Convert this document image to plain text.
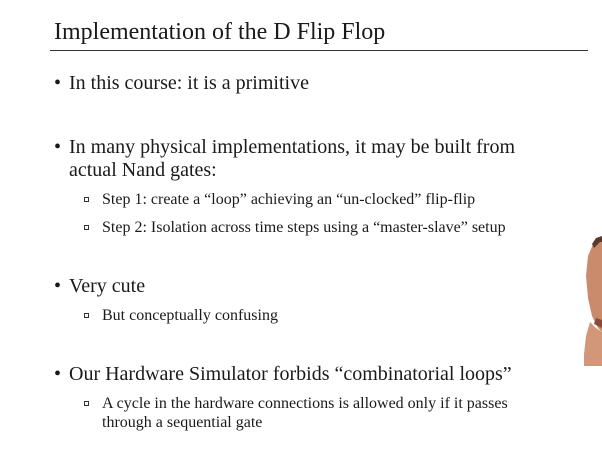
Implementation of the D Flip Flop
• In this course: it is a primitive
• In many physical implementations, it may be built from
actual Nand gates:
Step 1: create a “loop” achieving an “un-clocked” flip-flip
Step 2: Isolation across time steps using a “master-slave” setup
• Very cute
But conceptually confusing
• Our Hardware Simulator forbids “combinatorial loops”
A cycle in the hardware connections is allowed only if it passes
through a sequential gate
